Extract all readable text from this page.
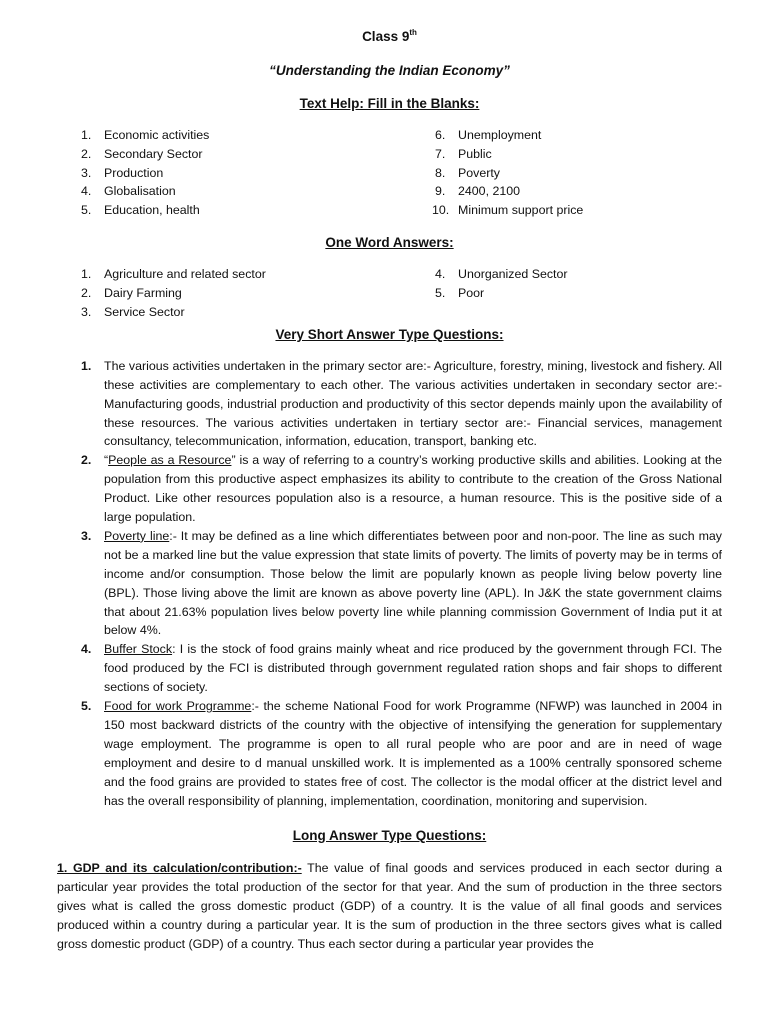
Class 9th
“Understanding the Indian Economy”
Text Help: Fill in the Blanks:
1.	Economic activities
2.	Secondary Sector
3.	Production
4.	Globalisation
5.	Education, health
6.	Unemployment
7.	Public
8.	Poverty
9.	2400, 2100
10. Minimum support price
One Word Answers:
1.	Agriculture and related sector
2.	Dairy Farming
3.	Service Sector
4.	Unorganized Sector
5.	Poor
Very Short Answer Type Questions:
1.	The various activities undertaken in the primary sector are:- Agriculture, forestry, mining, livestock and fishery. All these activities are complementary to each other. The various activities undertaken in secondary sector are:- Manufacturing goods, industrial production and productivity of this sector depends mainly upon the availability of these resources. The various activities undertaken in tertiary sector are:- Financial services, management consultancy, telecommunication, information, education, transport, banking etc.
2.	“People as a Resource” is a way of referring to a country’s working productive skills and abilities. Looking at the population from this productive aspect emphasizes its ability to contribute to the creation of the Gross National Product. Like other resources population also is a resource, a human resource. This is the positive side of a large population.
3.	Poverty line:- It may be defined as a line which differentiates between poor and non-poor. The line as such may not be a marked line but the value expression that state limits of poverty. The limits of poverty may be in terms of income and/or consumption. Those below the limit are popularly known as people living below poverty line (BPL). Those living above the limit are known as above poverty line (APL). In J&K the state government claims that about 21.63% population lives below poverty line while planning commission Government of India put it at below 4%.
4.	Buffer Stock: I is the stock of food grains mainly wheat and rice produced by the government through FCI. The food produced by the FCI is distributed through government regulated ration shops and fair shops to different sections of society.
5.	Food for work Programme:- the scheme National Food for work Programme (NFWP) was launched in 2004 in 150 most backward districts of the country with the objective of intensifying the generation for supplementary wage employment. The programme is open to all rural people who are poor and are in need of wage employment and desire to d manual unskilled work. It is implemented as a 100% centrally sponsored scheme and the food grains are provided to states free of cost. The collector is the modal officer at the district level and has the overall responsibility of planning, implementation, coordination, monitoring and supervision.
Long Answer Type Questions:

1. GDP and its calculation/contribution:- The value of final goods and services produced in each sector during a particular year provides the total production of the sector for that year. And the sum of production in the three sectors gives what is called the gross domestic product (GDP) of a country. It is the value of all final goods and services produced within a country during a particular year. It is the sum of production in the three sectors gives what is called gross domestic product (GDP) of a country. Thus each sector during a particular year provides the
